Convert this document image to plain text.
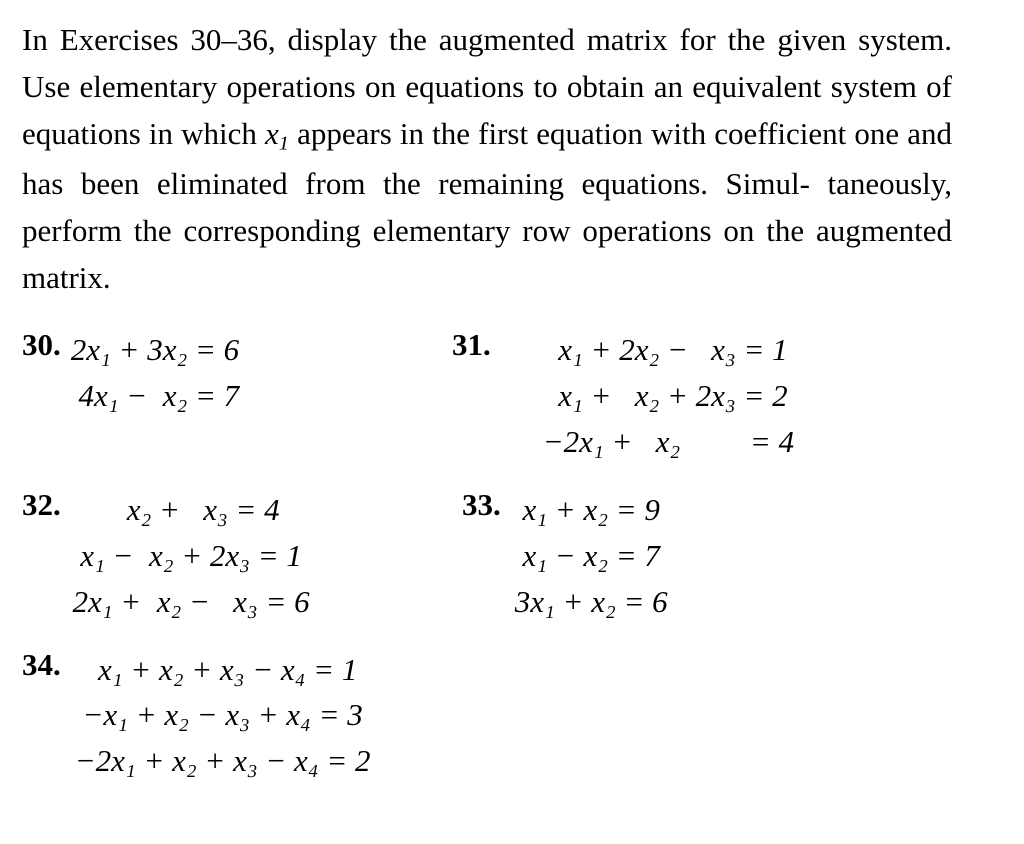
In Exercises 30–36, display the augmented matrix for the given system. Use elementary operations on equations to obtain an equivalent system of equations in which $x_1$ appears in the first equation with coefficient one and has been eliminated from the remaining equations. Simul- taneously, perform the corresponding elementary row operations on the augmented matrix.
30. 2x₁ + 3x₂ = 6
4x₁ −  x₂ = 7
31. x₁ + 2x₂ −   x₃ = 1
x₁ +   x₂ + 2x₃ = 2
−2x₁ +   x₂         = 4
32. x₂ +   x₃ = 4
x₁ −  x₂ + 2x₃ = 1
2x₁ +  x₂ −   x₃ = 6
33. x₁ + x₂ = 9
x₁ − x₂ = 7
3x₁ + x₂ = 6
34. x₁ + x₂ + x₃ − x₄ = 1
−x₁ + x₂ − x₃ + x₄ = 3
−2x₁ + x₂ + x₃ − x₄ = 2
